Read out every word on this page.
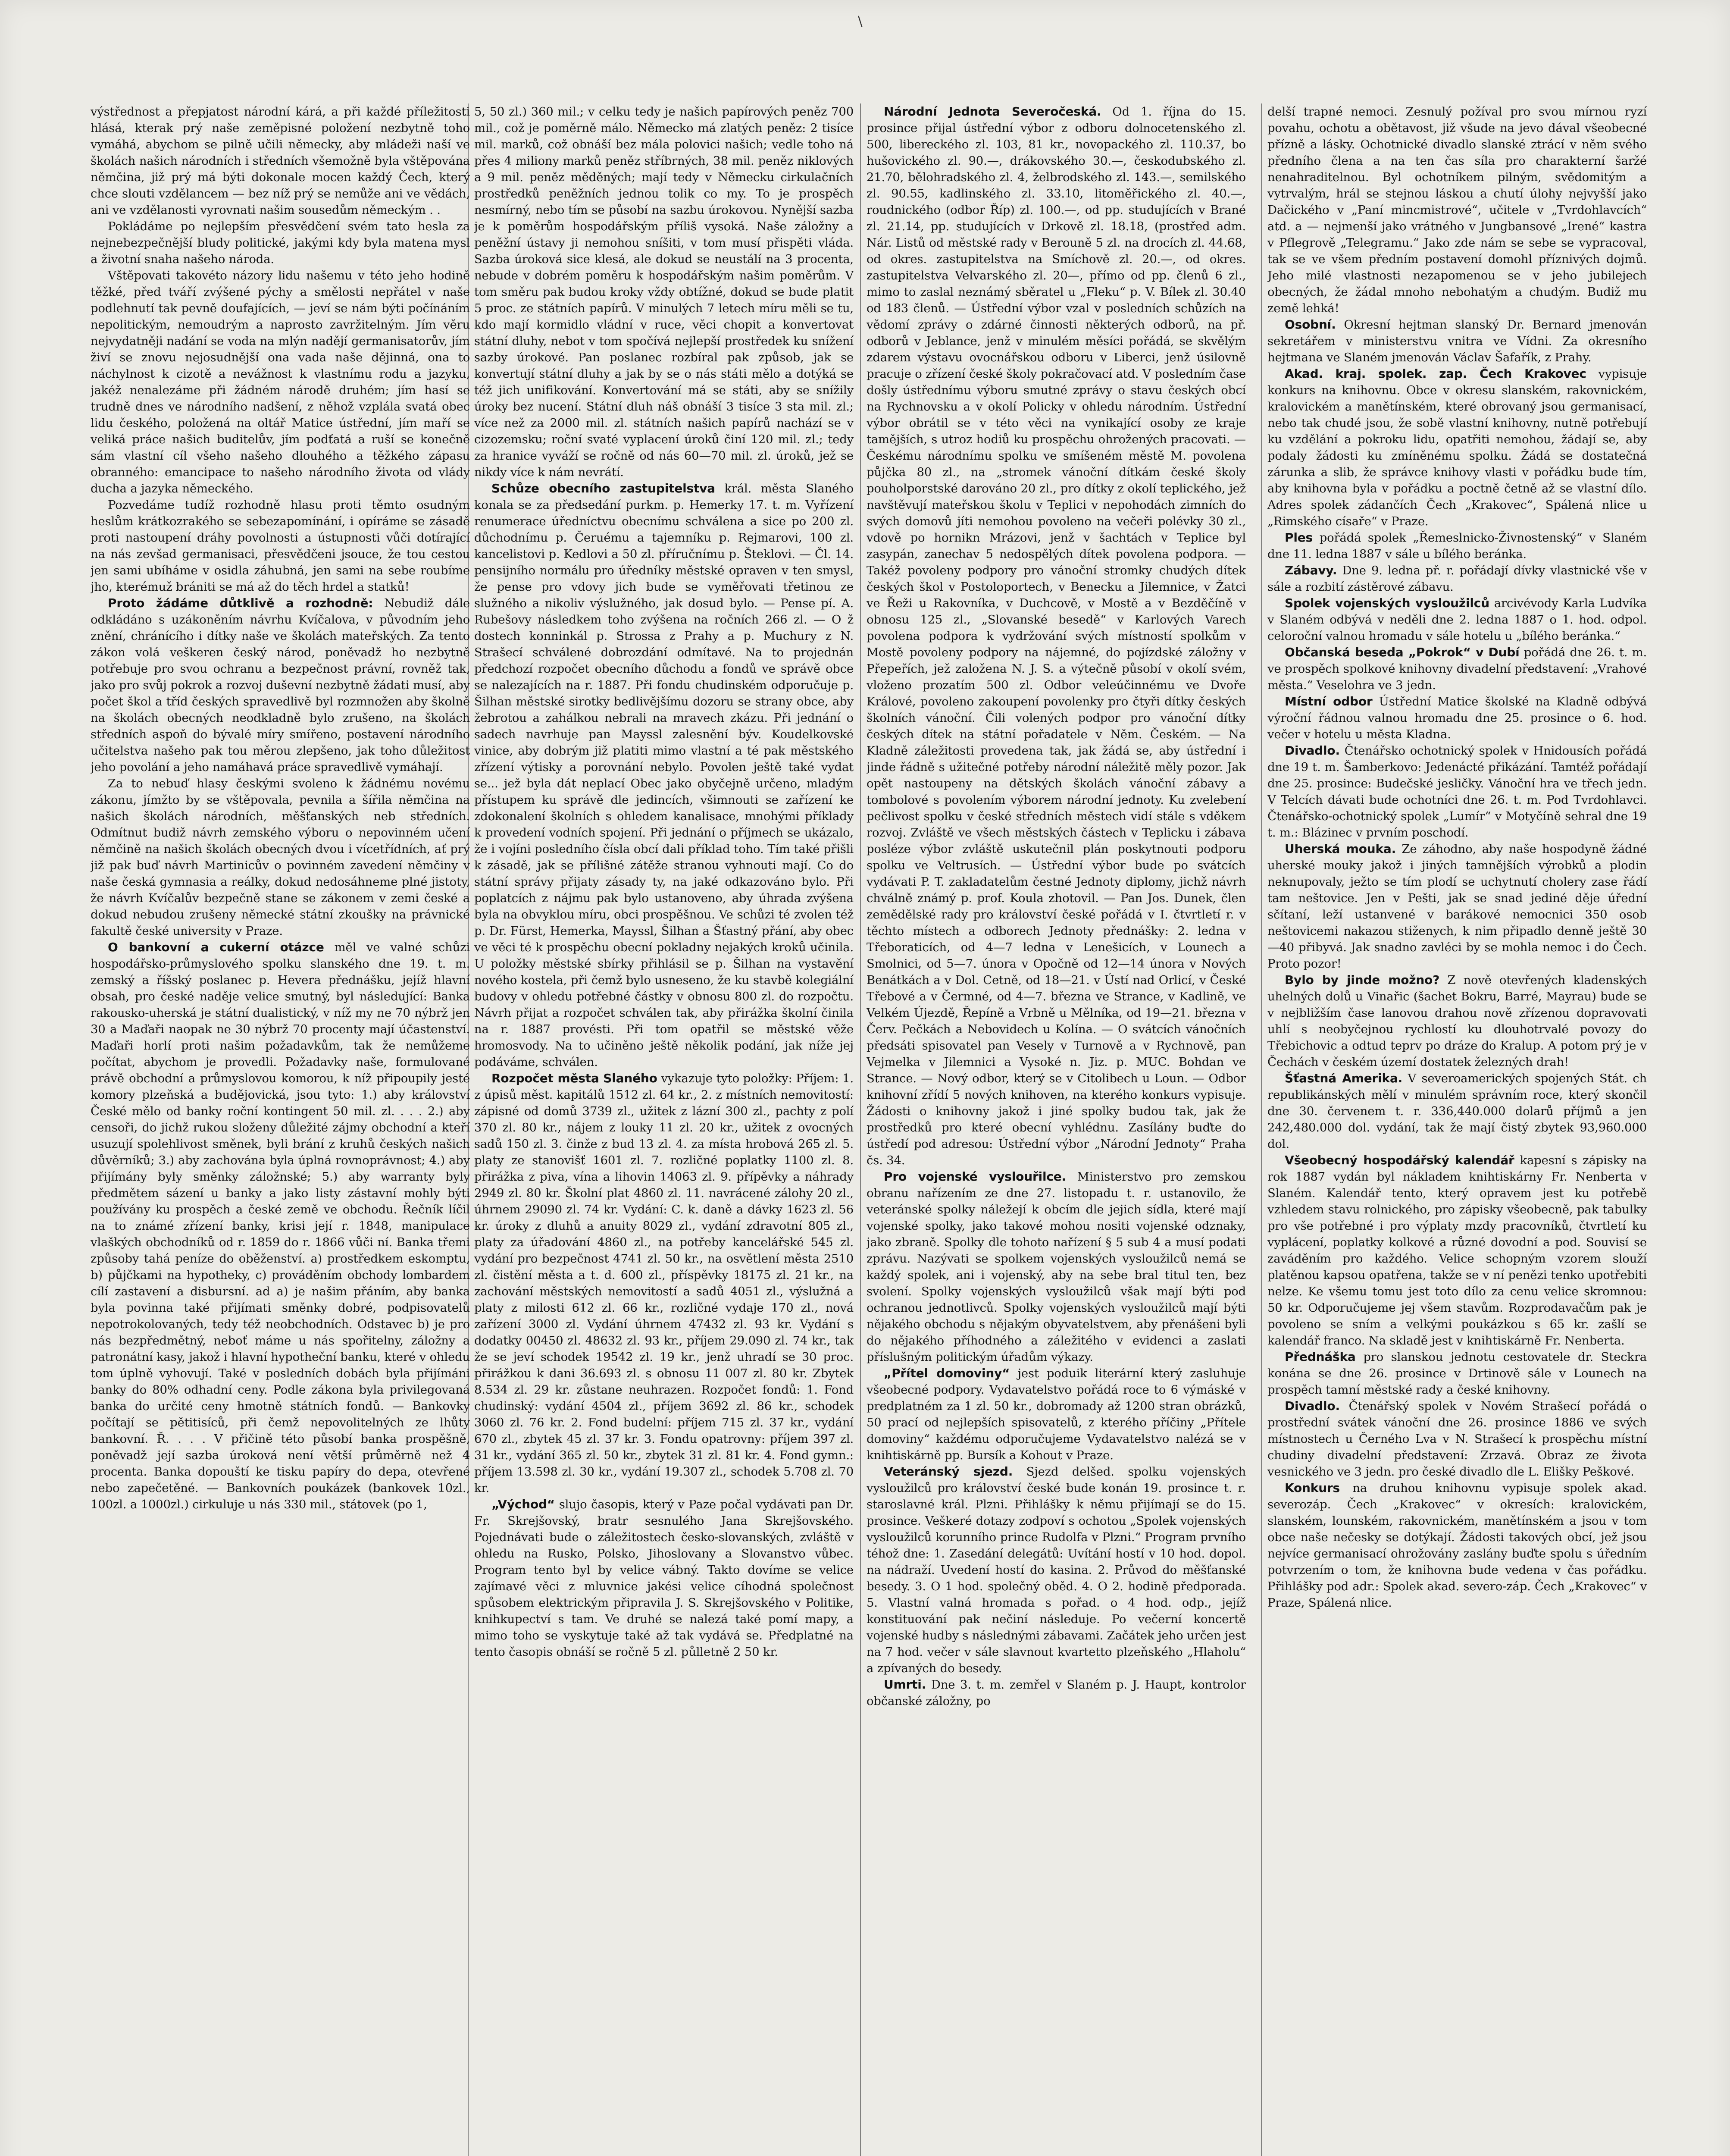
\

výstřednost a přepjatost národní kárá, a při každé příležitosti hlásá, kterak prý naše zeměpisné položení nezbytně toho vymáhá, abychom se pilně učili německy, aby mládeži naší ve školách našich národních i středních všemožně byla vštěpována němčina, již prý má býti dokonale mocen každý Čech, který chce slouti vzdělancem — bez níž prý se nemůže ani ve vědách, ani ve vzdělanosti vyrovnati našim sousedům německým . .

Pokládáme po nejlepším přesvědčení svém tato hesla za nejnebezpečnější bludy politické, jakými kdy byla matena mysl a životní snaha našeho národa.

Vštěpovati takovéto názory lidu našemu v této jeho hodině těžké, před tváří zvýšené pýchy a smělosti nepřátel v naše podlehnutí tak pevně doufajících, — jeví se nám býti počínáním nepolitickým, nemoudrým a naprosto zavržitelným. Jím věru nejvydatněji nadání se voda na mlýn nadějí germanisatorův, jím živí se znovu nejosudnější ona vada naše dějinná, ona to náchylnost k cizotě a nevážnost k vlastnímu rodu a jazyku, jakéž nenalezáme při žádném národě druhém; jím hasí se trudně dnes ve národního nadšení, z něhož vzplála svatá obec lidu českého, položená na oltář Matice ústřední, jím maří se veliká práce našich buditelův, jím podťatá a ruší se konečně sám vlastní cíl všeho našeho dlouhého a těžkého zápasu obranného: emancipace to našeho národního života od vlády ducha a jazyka německého.

Pozvedáme tudíž rozhodně hlasu proti těmto osudným heslům krátkozrakého se sebezapomínání, i opíráme se zásadě proti nastoupení dráhy povolnosti a ústupnosti vůči dotírající na nás zevšad germanisaci, přesvědčeni jsouce, že tou cestou jen sami ubíháme v osidla záhubná, jen sami na sebe roubíme jho, kterémuž brániti se má až do těch hrdel a statků!

Proto žádáme důtklivě a rozhodně: Nebudiž dále odkládáno s uzákoněním návrhu Kvíčalova, v původním jeho znění, chránícího i dítky naše ve školách mateřských. Za tento zákon volá veškeren český národ, poněvadž ho nezbytně potřebuje pro svou ochranu a bezpečnost právní, rovněž tak, jako pro svůj pokrok a rozvoj duševní nezbytně žádati musí, aby počet škol a tříd českých spravedlivě byl rozmnožen aby školně na školách obecných neodkladně bylo zrušeno, na školách středních aspoň do bývalé míry smířeno, postavení národního učitelstva našeho pak tou měrou zlepšeno, jak toho důležitost jeho povolání a jeho namáhavá práce spravedlivě vymáhají.

Za to nebuď hlasy českými svoleno k žádnému novému zákonu, jímžto by se vštěpovala, pevnila a šířila němčina na našich školách národních, měšťanských neb středních. Odmítnut budiž návrh zemského výboru o nepovinném učení němčině na našich školách obecných dvou i vícetřídních, ať prý již pak buď návrh Martinicův o povinném zavedení němčiny v naše česká gymnasia a reálky, dokud nedosáhneme plné jistoty, že návrh Kvíčalův bezpečně stane se zákonem v zemi české a dokud nebudou zrušeny německé státní zkoušky na právnické fakultě české university v Praze.

O bankovní a cukerní otázce měl ve valné schůzi hospodářsko-průmyslového spolku slanského dne 19. t. m. zemský a říšský poslanec p. Hevera přednášku, jejíž hlavní obsah, pro české naděje velice smutný, byl následující: Banka rakousko-uherská je státní dualistický, v níž my ne 70 nýbrž jen 30 a Maďaři naopak ne 30 nýbrž 70 procenty mají účastenství. Maďaři horlí proti našim požadavkům, tak že nemůžeme počítat, abychom je provedli. Požadavky naše, formulované právě obchodní a průmyslovou komorou, k níž připoupily jesté komory plzeňská a budějovická, jsou tyto: 1.) aby království České mělo od banky roční kontingent 50 mil. zl. . . . 2.) aby censoři, do jichž rukou složeny důležité zájmy obchodní a kteří usuzují spolehlivost směnek, byli brání z kruhů českých našich důvěrníků; 3.) aby zachována byla úplná rovnoprávnost; 4.) aby přijímány byly směnky záložnské; 5.) aby warranty byly předmětem sázení u banky a jako listy zástavní mohly býti používány ku prospěch a české země ve obchodu. Řečník líčil na to známé zřízení banky, krisi její r. 1848, manipulace vlaškých obchodníků od r. 1859 do r. 1866 vůči ní. Banka třemi způsoby tahá peníze do oběženství. a) prostředkem eskomptu, b) půjčkami na hypotheky, c) prováděním obchody lombardem cílí zastavení a disbursní. ad a) je našim přáním, aby banka byla povinna také přijímati směnky dobré, podpisovatelů nepotrokolovaných, tedy též neobchodních. Odstavec b) je pro nás bezpředmětný, neboť máme u nás spořitelny, záložny a patronátní kasy, jakož i hlavní hypotheční banku, které v ohledu tom úplně vyhovují. Také v posledních dobách byla přijímáni banky do 80% odhadní ceny. Podle zákona byla privilegovaná banka do určité ceny hmotně státních fondů. — Bankovky počítají se pětitisíců, při čemž nepovolitelných ze lhůty bankovní. Ř. . . . V přičině této působí banka prospěšně, poněvadž její sazba úroková není větší průměrně než 4 procenta. Banka dopouští ke tisku papíry do depa, otevřené nebo zapečetěné. — Bankovních poukázek (bankovek 10zl., 100zl. a 1000zl.) cirkuluje u nás 330 mil., státovek (po 1,

5, 50 zl.) 360 mil.; v celku tedy je našich papírových peněz 700 mil., což je poměrně málo. Německo má zlatých peněz: 2 tisíce mil. marků, což obnáší bez mála polovici našich; vedle toho ná přes 4 miliony marků peněz stříbrných, 38 mil. peněz niklových a 9 mil. peněz měděných; mají tedy v Německu cirkulačních prostředků peněžních jednou tolik co my. To je prospěch nesmírný, nebo tím se působí na sazbu úrokovou. Nynější sazba je k poměrům hospodářským příliš vysoká. Naše záložny a peněžní ústavy ji nemohou sníšiti, v tom musí přispěti vláda. Sazba úroková sice klesá, ale dokud se neustálí na 3 procenta, nebude v dobrém poměru k hospodářským našim poměrům. V tom směru pak budou kroky vždy obtížné, dokud se bude platit 5 proc. ze státních papírů. V minulých 7 letech míru měli se tu, kdo mají kormidlo vládní v ruce, věci chopit a konvertovat státní dluhy, nebot v tom spočívá nejlepší prostředek ku snížení sazby úrokové. Pan poslanec rozbíral pak způsob, jak se konvertují státní dluhy a jak by se o nás státi mělo a dotýká se též jich unifikování. Konvertování má se státi, aby se snížily úroky bez nucení. Státní dluh náš obnáší 3 tisíce 3 sta mil. zl.; více než za 2000 mil. zl. státních našich papírů nachází se v cizozemsku; roční svaté vyplacení úroků činí 120 mil. zl.; tedy za hranice vyváží se ročně od nás 60—70 mil. zl. úroků, jež se nikdy více k nám nevrátí.

Schůze obecního zastupitelstva král. města Slaného konala se za předsedání purkm. p. Hemerky 17. t. m. Vyřízení renumerace úředníctvu obecnímu schválena a sice po 200 zl. důchodnímu p. Čeruému a tajemníku p. Rejmarovi, 100 zl. kancelistovi p. Kedlovi a 50 zl. příručnímu p. Šteklovi. — Čl. 14. pensijního normálu pro úředníky městské opraven v ten smysl, že pense pro vdovy jich bude se vyměřovati třetinou ze služného a nikoliv výslužného, jak dosud bylo. — Pense pí. A. Rubešovy následkem toho zvýšena na ročních 266 zl. — O ž dostech konninkál p. Strossa z Prahy a p. Muchury z N. Strašecí schválené dobrozdání odmítavé. Na to projednán předchozí rozpočet obecního důchodu a fondů ve správě obce se nalezajících na r. 1887. Při fondu chudinském odporučuje p. Šilhan městské sirotky bedlivějšímu dozoru se strany obce, aby žebrotou a zahálkou nebrali na mravech zkázu. Při jednání o sadech navrhuje pan Mayssl zalesnění býv. Koudelkovské vinice, aby dobrým již platiti mimo vlastní a té pak městského zřízení výtisky a porovnání nebylo. Povolen ještě také vydat se... jež byla dát neplací Obec jako obyčejně určeno, mladým přístupem ku správě dle jedincích, všimnouti se zařízení ke zdokonalení školních s ohledem kanalisace, mnohými příklady k provedení vodních spojení. Při jednání o příjmech se ukázalo, že i vojíni posledního čísla obcí dali příklad toho. Tím také přišli k zásadě, jak se přílišné zátěže stranou vyhnouti mají. Co do státní správy přijaty zásady ty, na jaké odkazováno bylo. Při poplatcích z nájmu pak bylo ustanoveno, aby úhrada zvýšena byla na obvyklou míru, obci prospěšnou. Ve schůzi té zvolen též p. Dr. Fürst, Hemerka, Mayssl, Šilhan a Šťastný přání, aby obec ve věci té k prospěchu obecní pokladny nejakých kroků učinila. U položky městské sbírky přihlásil se p. Šilhan na vystavění nového kostela, při čemž bylo usneseno, že ku stavbě kolegiální budovy v ohledu potřebné částky v obnosu 800 zl. do rozpočtu. Návrh přijat a rozpočet schválen tak, aby přirážka školní činila na r. 1887 provésti. Při tom opatřil se městské věže hromosvody. Na to učiněno ještě několik podání, jak níže jej podáváme, schválen.

Rozpočet města Slaného vykazuje tyto položky: Příjem: 1. z úpisů měst. kapitálů 1512 zl. 64 kr., 2. z místních nemovitostí: zápisné od domů 3739 zl., užitek z lázní 300 zl., pachty z polí 370 zl. 80 kr., nájem z louky 11 zl. 20 kr., užitek z ovocných sadů 150 zl. 3. činže z bud 13 zl. 4. za místa hrobová 265 zl. 5. platy ze stanovišť 1601 zl. 7. rozličné poplatky 1100 zl. 8. přirážka z piva, vína a lihovin 14063 zl. 9. přípěvky a náhrady 2949 zl. 80 kr. Školní plat 4860 zl. 11. navrácené zálohy 20 zl., úhrnem 29090 zl. 74 kr. Vydání: C. k. daně a dávky 1623 zl. 56 kr. úroky z dluhů a anuity 8029 zl., vydání zdravotní 805 zl., platy za úřadování 4860 zl., na potřeby kancelářské 545 zl. vydání pro bezpečnost 4741 zl. 50 kr., na osvětlení města 2510 zl. čistění města a t. d. 600 zl., příspěvky 18175 zl. 21 kr., na zachování městských nemovitostí a sadů 4051 zl., výslužná a platy z milosti 612 zl. 66 kr., rozličné vydaje 170 zl., nová zařízení 3000 zl. Vydání úhrnem 47432 zl. 93 kr. Vydání s dodatky 00450 zl. 48632 zl. 93 kr., příjem 29.090 zl. 74 kr., tak že se jeví schodek 19542 zl. 19 kr., jenž uhradí se 30 proc. přirážkou k dani 36.693 zl. s obnosu 11 007 zl. 80 kr. Zbytek 8.534 zl. 29 kr. zůstane neuhrazen. Rozpočet fondů: 1. Fond chudinský: vydání 4504 zl., příjem 3692 zl. 86 kr., schodek 3060 zl. 76 kr. 2. Fond budelní: příjem 715 zl. 37 kr., vydání 670 zl., zbytek 45 zl. 37 kr. 3. Fondu opatrovny: příjem 397 zl. 31 kr., vydání 365 zl. 50 kr., zbytek 31 zl. 81 kr. 4. Fond gymn.: příjem 13.598 zl. 30 kr., vydání 19.307 zl., schodek 5.708 zl. 70 kr.

„Východ“ slujo časopis, který v Paze počal vydávati pan Dr. Fr. Skrejšovský, bratr sesnulého Jana Skrejšovského. Pojednávati bude o záležitostech česko-slovanských, zvláště v ohledu na Rusko, Polsko, Jihoslovany a Slovanstvo vůbec. Program tento byl by velice vábný. Takto dovíme se velice zajímavé věci z mluvnice jakési velice cíhodná společnost spůsobem elektrickým připravila J. S. Skrejšovského v Politike, knihkupectví s tam. Ve druhé se nalezá také pomí mapy, a mimo toho se vyskytuje také až tak vydává se. Předplatné na tento časopis obnáší se ročně 5 zl. půlletně 2 50 kr.

Národní Jednota Severočeská. Od 1. října do 15. prosince přijal ústřední výbor z odboru dolnocetenského zl. 500, libereckého zl. 103, 81 kr., novopackého zl. 110.37, bo hušovického zl. 90.—, drákovského 30.—, českodubského zl. 21.70, bělohradského zl. 4, želbrodského zl. 143.—, semilského zl. 90.55, kadlinského zl. 33.10, litoměřického zl. 40.—, roudnického (odbor Říp) zl. 100.—, od pp. studujících v Brané zl. 21.14, pp. studujících v Drkově zl. 18.18, (prostřed adm. Nár. Listů od městské rady v Berouně 5 zl. na drocích zl. 44.68, od okres. zastupitelstva na Smíchově zl. 20.—, od okres. zastupitelstva Velvarského zl. 20—, přímo od pp. členů 6 zl., mimo to zaslal neznámý sběratel u „Fleku“ p. V. Bílek zl. 30.40 od 183 členů. — Ústřední výbor vzal v posledních schůzích na vědomí zprávy o zdárné činnosti některých odborů, na př. odborů v Jeblance, jenž v minulém měsíci pořádá, se skvělým zdarem výstavu ovocnářskou odboru v Liberci, jenž úsilovně pracuje o zřízení české školy pokračovací atd. V posledním čase došly ústřednímu výboru smutné zprávy o stavu českých obcí na Rychnovsku a v okolí Policky v ohledu národním. Ústřední výbor obrátil se v této věci na vynikající osoby ze kraje tamějších, s utroz hodiů ku prospěchu ohrožených pracovati. — Českému národnímu spolku ve smíšeném městě M. povolena půjčka 80 zl., na „stromek vánoční dítkám české školy pouholporstské darováno 20 zl., pro dítky z okolí teplického, jež navštěvují mateřskou školu v Teplici v nepohodách zimních do svých domovů jíti nemohou povoleno na večeři polévky 30 zl., vdově po hornikn Mrázovi, jenž v šachtách v Teplice byl zasypán, zanechav 5 nedospělých dítek povolena podpora. — Takéž povoleny podpory pro vánoční stromky chudých dítek českých škol v Postoloportech, v Benecku a Jilemnice, v Žatci ve Řeži u Rakovníka, v Duchcově, v Mostě a v Bezděčíně v obnosu 125 zl., „Slovanské besedě“ v Karlových Varech povolena podpora k vydržování svých místností spolkům v Mostě povoleny podpory na nájemné, do pojízdské záložny v Přepeřích, jež založena N. J. S. a výtečně působí v okolí svém, vloženo prozatím 500 zl. Odbor veleúčinnému ve Dvoře Králové, povoleno zakoupení povolenky pro čtyři dítky českých školních vánoční. Čili volených podpor pro vánoční dítky českých dítek na státní pořadatele v Něm. Českém. — Na Kladně záležitosti provedena tak, jak žádá se, aby ústřední i jinde řádně s užitečné potřeby národní náležitě měly pozor. Jak opět nastoupeny na dětských školách vánoční zábavy a tombolové s povolením výborem národní jednoty. Ku zvelebení pečlivost spolku v české středních městech vidí stále s vděkem rozvoj. Zvláště ve všech městských částech v Teplicku i zábava posléze výbor zvláště uskutečnil plán poskytnouti podporu spolku ve Veltrusích. — Ústřední výbor bude po svátcích vydávati P. T. zakladatelům čestné Jednoty diplomy, jichž návrh chválně známý p. prof. Koula zhotovil. — Pan Jos. Dunek, člen zemědělské rady pro království české pořádá v I. čtvrtletí r. v těchto místech a odborech Jednoty přednášky: 2. ledna v Třeboraticích, od 4—7 ledna v Lenešicích, v Lounech a Smolnici, od 5—7. února v Opočně od 12—14 února v Nových Benátkách a v Dol. Cetně, od 18—21. v Ústí nad Orlicí, v České Třebové a v Čermné, od 4—7. března ve Strance, v Kadlině, ve Velkém Újezdě, Řepíně a Vrbně u Mělníka, od 19—21. března v Červ. Pečkách a Nebovidech u Kolína. — O svátcích vánočních předsáti spisovatel pan Vesely v Turnově a v Rychnově, pan Vejmelka v Jilemnici a Vysoké n. Jiz. p. MUC. Bohdan ve Strance. — Nový odbor, který se v Citolibech u Loun. — Odbor knihovní zřídí 5 nových knihoven, na kterého konkurs vypisuje. Žádosti o knihovny jakož i jiné spolky budou tak, jak že prostředků pro které obecní vyhlédnu. Zasílány buďte do ústředí pod adresou: Ústřední výbor „Národní Jednoty“ Praha čs. 34.

Pro vojenské vyslouřilce. Ministerstvo pro zemskou obranu nařízením ze dne 27. listopadu t. r. ustanovilo, že veteránské spolky náležejí k obcím dle jejich sídla, které mají vojenské spolky, jako takové mohou nositi vojenské odznaky, jako zbraně. Spolky dle tohoto nařízení § 5 sub 4 a musí podati zprávu. Nazývati se spolkem vojenských vysloužilců nemá se každý spolek, ani i vojenský, aby na sebe bral titul ten, bez svolení. Spolky vojenských vysloužilců však mají býti pod ochranou jednotlivců. Spolky vojenských vysloužilců mají býti nějakého obchodu s nějakým obyvatelstvem, aby přenášeni byli do nějakého příhodného a záležitého v evidenci a zaslati příslušným politickým úřadům výkazy.

„Přítel domoviny“ jest poduik literární který zasluhuje všeobecné podpory. Vydavatelstvo pořádá roce to 6 výmáské v predplatném za 1 zl. 50 kr., dobromady až 1200 stran obrázků, 50 prací od nejlepších spisovatelů, z kterého příčiny „Přítele domoviny“ každému odporučujeme Vydavatelstvo nalézá se v knihtiskárně pp. Bursík a Kohout v Praze.

Veteránský sjezd. Sjezd delšed. spolku vojenských vysloužilců pro království české bude konán 19. prosince t. r. staroslavné král. Plzni. Přihlášky k němu přijímají se do 15. prosince. Veškeré dotazy zodpoví s ochotou „Spolek vojenských vysloužilců korunního prince Rudolfa v Plzni.“ Program prvního téhož dne: 1. Zasedání delegátů: Uvítání hostí v 10 hod. dopol. na nádraží. Uvedení hostí do kasina. 2. Průvod do měšťanské besedy. 3. O 1 hod. společný oběd. 4. O 2. hodině předporada. 5. Vlastní valná hromada s pořad. o 4 hod. odp., jejíž konstituování pak nečiní následuje. Po večerní koncertě vojenské hudby s následnými zábavami. Začátek jeho určen jest na 7 hod. večer v sále slavnout kvartetto plzeňského „Hlaholu“ a zpívaných do besedy.

Umrti. Dne 3. t. m. zemřel v Slaném p. J. Haupt, kontrolor občanské záložny, po

delší trapné nemoci. Zesnulý požíval pro svou mírnou ryzí povahu, ochotu a obětavost, již všude na jevo dával všeobecné přízně a lásky. Ochotnické divadlo slanské ztrácí v něm svého předního člena a na ten čas síla pro charakterní šaržé nenahraditelnou. Byl ochotníkem pilným, svědomitým a vytrvalým, hrál se stejnou láskou a chutí úlohy nejvyšší jako Dačického v „Paní mincmistrové“, učitele v „Tvrdohlavcích“ atd. a — nejmenší jako vrátného v Jungbansové „Irené“ kastra v Pflegrově „Telegramu.“ Jako zde nám se sebe se vypracoval, tak se ve všem předním postavení domohl příznivých dojmů. Jeho milé vlastnosti nezapomenou se v jeho jubilejech obecných, že žádal mnoho nebohatým a chudým. Budiž mu země lehká!

Osobní. Okresní hejtman slanský Dr. Bernard jmenován sekretářem v ministerstvu vnitra ve Vídni. Za okresního hejtmana ve Slaném jmenován Václav Šafařík, z Prahy.

Akad. kraj. spolek. zap. Čech Krakovec vypisuje konkurs na knihovnu. Obce v okresu slanském, rakovnickém, kralovickém a manětínském, které obrovaný jsou germanisací, nebo tak chudé jsou, že sobě vlastní knihovny, nutně potřebují ku vzdělání a pokroku lidu, opatřiti nemohou, žádají se, aby podaly žádosti ku zmíněnému spolku. Žádá se dostatečná zárunka a slib, že správce knihovy vlasti v pořádku bude tím, aby knihovna byla v pořádku a poctně četně až se vlastní dílo. Adres spolek zádančích Čech „Krakovec“, Spálená nlice u „Rimského císaře“ v Praze.

Ples pořádá spolek „Řemeslnicko-Živnostenský“ v Slaném dne 11. ledna 1887 v sále u bílého beránka.

Zábavy. Dne 9. ledna př. r. pořádají dívky vlastnické vše v sále a rozbití zástěrové zábavu.

Spolek vojenských vysloužilců arcivévody Karla Ludvíka v Slaném odbývá v neděli dne 2. ledna 1887 o 1. hod. odpol. celoroční valnou hromadu v sále hotelu u „bílého beránka.“

Občanská beseda „Pokrok“ v Dubí pořádá dne 26. t. m. ve prospěch spolkové knihovny divadelní představení: „Vrahové města.“ Veselohra ve 3 jedn.

Místní odbor Ústřední Matice školské na Kladně odbývá výroční řádnou valnou hromadu dne 25. prosince o 6. hod. večer v hotelu u města Kladna.

Divadlo. Čtenářsko ochotnický spolek v Hnidousích pořádá dne 19 t. m. Šamberkovo: Jedenácté přikázání. Tamtéž pořádají dne 25. prosince: Budečské jesličky. Vánoční hra ve třech jedn. V Telcích dávati bude ochotníci dne 26. t. m. Pod Tvrdohlavci. Čtenářsko-ochotnický spolek „Lumír“ v Motyčíně sehral dne 19 t. m.: Blázinec v prvním poschodí.

Uherská mouka. Ze záhodno, aby naše hospodyně žádné uherské mouky jakož i jiných tamnějších výrobků a plodin neknupovaly, ježto se tím plodí se uchytnutí cholery zase řádí tam neštovice. Jen v Pešti, jak se snad jediné děje úřední sčítaní, leží ustanvené v barákové nemocnici 350 osob neštovicemi nakazou stiženych, k nim připadlo denně ještě 30—40 přibyvá. Jak snadno zavléci by se mohla nemoc i do Čech. Proto pozor!

Bylo by jinde možno? Z nově otevřených kladenských uhelných dolů u Vinařic (šachet Bokru, Barré, Mayrau) bude se v nejbližším čase lanovou drahou nově zřízenou dopravovati uhlí s neobyčejnou rychlostí ku dlouhotrvalé povozy do Třebichovic a odtud teprv po dráze do Kralup. A potom prý je v Čechách v českém území dostatek železných drah!

Šťastná Amerika. V severoamerických spojených Stát. ch republikánských mělí v minulém správním roce, který skončil dne 30. červenem t. r. 336,440.000 dolarů příjmů a jen 242,480.000 dol. vydání, tak že mají čistý zbytek 93,960.000 dol.

Všeobecný hospodářský kalendář kapesní s zápisky na rok 1887 vydán byl nákladem knihtiskárny Fr. Nenberta v Slaném. Kalendář tento, který opravem jest ku potřebě vzhledem stavu rolnického, pro zápisky všeobecně, pak tabulky pro vše potřebné i pro výplaty mzdy pracovníků, čtvrtletí ku vyplácení, poplatky kolkové a různé dovodní a pod. Souvisí se zaváděním pro každého. Velice schopným vzorem slouží platěnou kapsou opatřena, takže se v ní penězi tenko upotřebiti nelze. Ke všemu tomu jest toto dílo za cenu velice skromnou: 50 kr. Odporučujeme jej všem stavům. Rozprodavačům pak je povoleno se sním a velkými poukázkou s 65 kr. zašlí se kalendář franco. Na skladě jest v knihtiskárně Fr. Nenberta.

Přednáška pro slanskou jednotu cestovatele dr. Steckra konána se dne 26. prosince v Drtinově sále v Lounech na prospěch tamní městské rady a české knihovny.

Divadlo. Čtenářský spolek v Novém Strašecí pořádá o prostřední svátek vánoční dne 26. prosince 1886 ve svých místnostech u Černého Lva v N. Strašecí k prospěchu místní chudiny divadelní představení: Zrzavá. Obraz ze života vesnického ve 3 jedn. pro české divadlo dle L. Elišky Peškové.

Konkurs na druhou knihovnu vypisuje spolek akad. severozáp. Čech „Krakovec“ v okresích: kralovickém, slanském, lounském, rakovnickém, manětínském a jsou v tom obce naše nečesky se dotýkají. Žádosti takových obcí, jež jsou nejvíce germanisací ohrožovány zaslány buďte spolu s úředním potvrzením o tom, že knihovna bude vedena v čas pořádku. Přihlášky pod adr.: Spolek akad. severo-záp. Čech „Krakovec“ v Praze, Spálená nlice.
